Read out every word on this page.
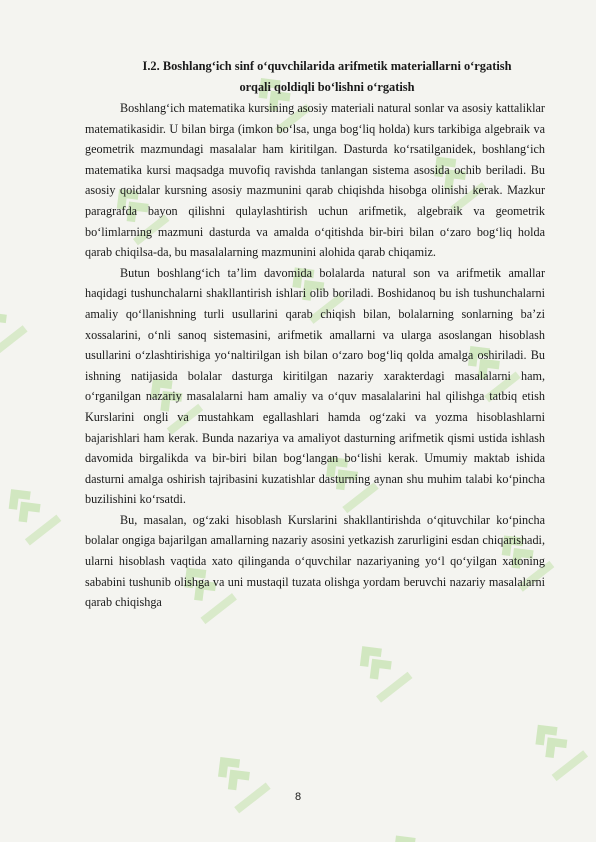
I.2. Boshlang‘ich sinf o‘quvchilarida arifmetik materiallarni o‘rgatish
orqali qoldiqli bo‘lishni o‘rgatish

Boshlang‘ich matematika kursining asosiy materiali natural sonlar va asosiy kattaliklar matematikasidir. U bilan birga (imkon bo‘lsa, unga bog‘liq holda) kurs tarkibiga algebraik va geometrik mazmundagi masalalar ham kiritilgan. Dasturda ko‘rsatilganidek, boshlang‘ich matematika kursi maqsadga muvofiq ravishda tanlangan sistema asosida ochib beriladi. Bu asosiy qoidalar kursning asosiy mazmunini qarab chiqishda hisobga olinishi kerak. Mazkur paragrafda bayon qilishni qulaylashtirish uchun arifmetik, algebraik va geometrik bo‘limlarning mazmuni dasturda va amalda o‘qitishda bir-biri bilan o‘zaro bog‘liq holda qarab chiqilsa-da, bu masalalarning mazmunini alohida qarab chiqamiz.

Butun boshlang‘ich ta’lim davomida bolalarda natural son va arifmetik amallar haqidagi tushunchalarni shakllantirish ishlari olib boriladi. Boshidanoq bu ish tushunchalarni amaliy qo‘llanishning turli usullarini qarab chiqish bilan, bolalarning sonlarning ba’zi xossalarini, o‘nli sanoq sistemasini, arifmetik amallarni va ularga asoslangan hisoblash usullarini o‘zlashtirishiga yo‘naltirilgan ish bilan o‘zaro bog‘liq qolda amalga oshiriladi. Bu ishning natijasida bolalar dasturga kiritilgan nazariy xarakterdagi masalalarni ham, o‘rganilgan nazariy masalalarni ham amaliy va o‘quv masalalarini hal qilishga tatbiq etish Kurslarini ongli va mustahkam egallashlari hamda og‘zaki va yozma hisoblashlarni bajarishlari ham kerak. Bunda nazariya va amaliyot dasturning arifmetik qismi ustida ishlash davomida birgalikda va bir-biri bilan bog‘langan bo‘lishi kerak. Umumiy maktab ishida dasturni amalga oshirish tajribasini kuzatishlar dasturning aynan shu muhim talabi ko‘pincha buzilishini ko‘rsatdi.

Bu, masalan, og‘zaki hisoblash Kurslarini shakllantirishda o‘qituvchilar ko‘pincha bolalar ongiga bajarilgan amallarning nazariy asosini yetkazish zarurligini esdan chiqarishadi, ularni hisoblash vaqtida xato qilinganda o‘quvchilar nazariyaning yo‘l qo‘yilgan xatoning sababini tushunib olishga va uni mustaqil tuzata olishga yordam beruvchi nazariy masalalarni qarab chiqishga

8
